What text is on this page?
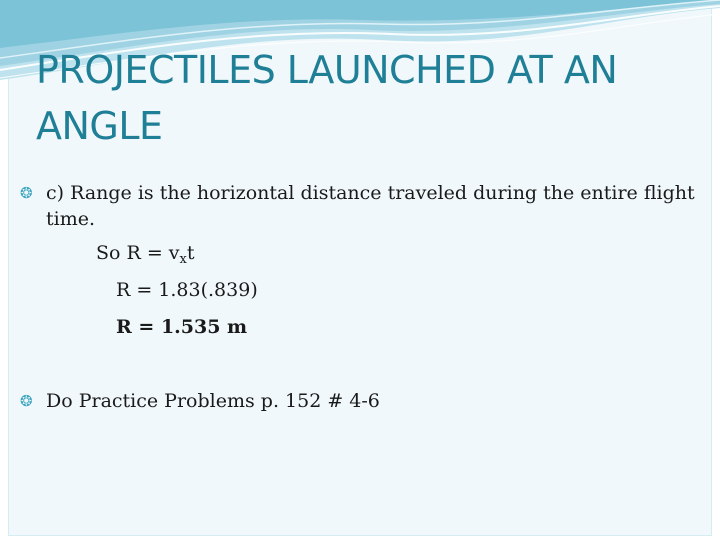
PROJECTILES LAUNCHED AT AN ANGLE
❂ c) Range is the horizontal distance traveled during the entire flight time.
So $R = v_xt$
R = 1.83(.839)
R = 1.535 m
❂ Do Practice Problems p. 152 # 4-6
